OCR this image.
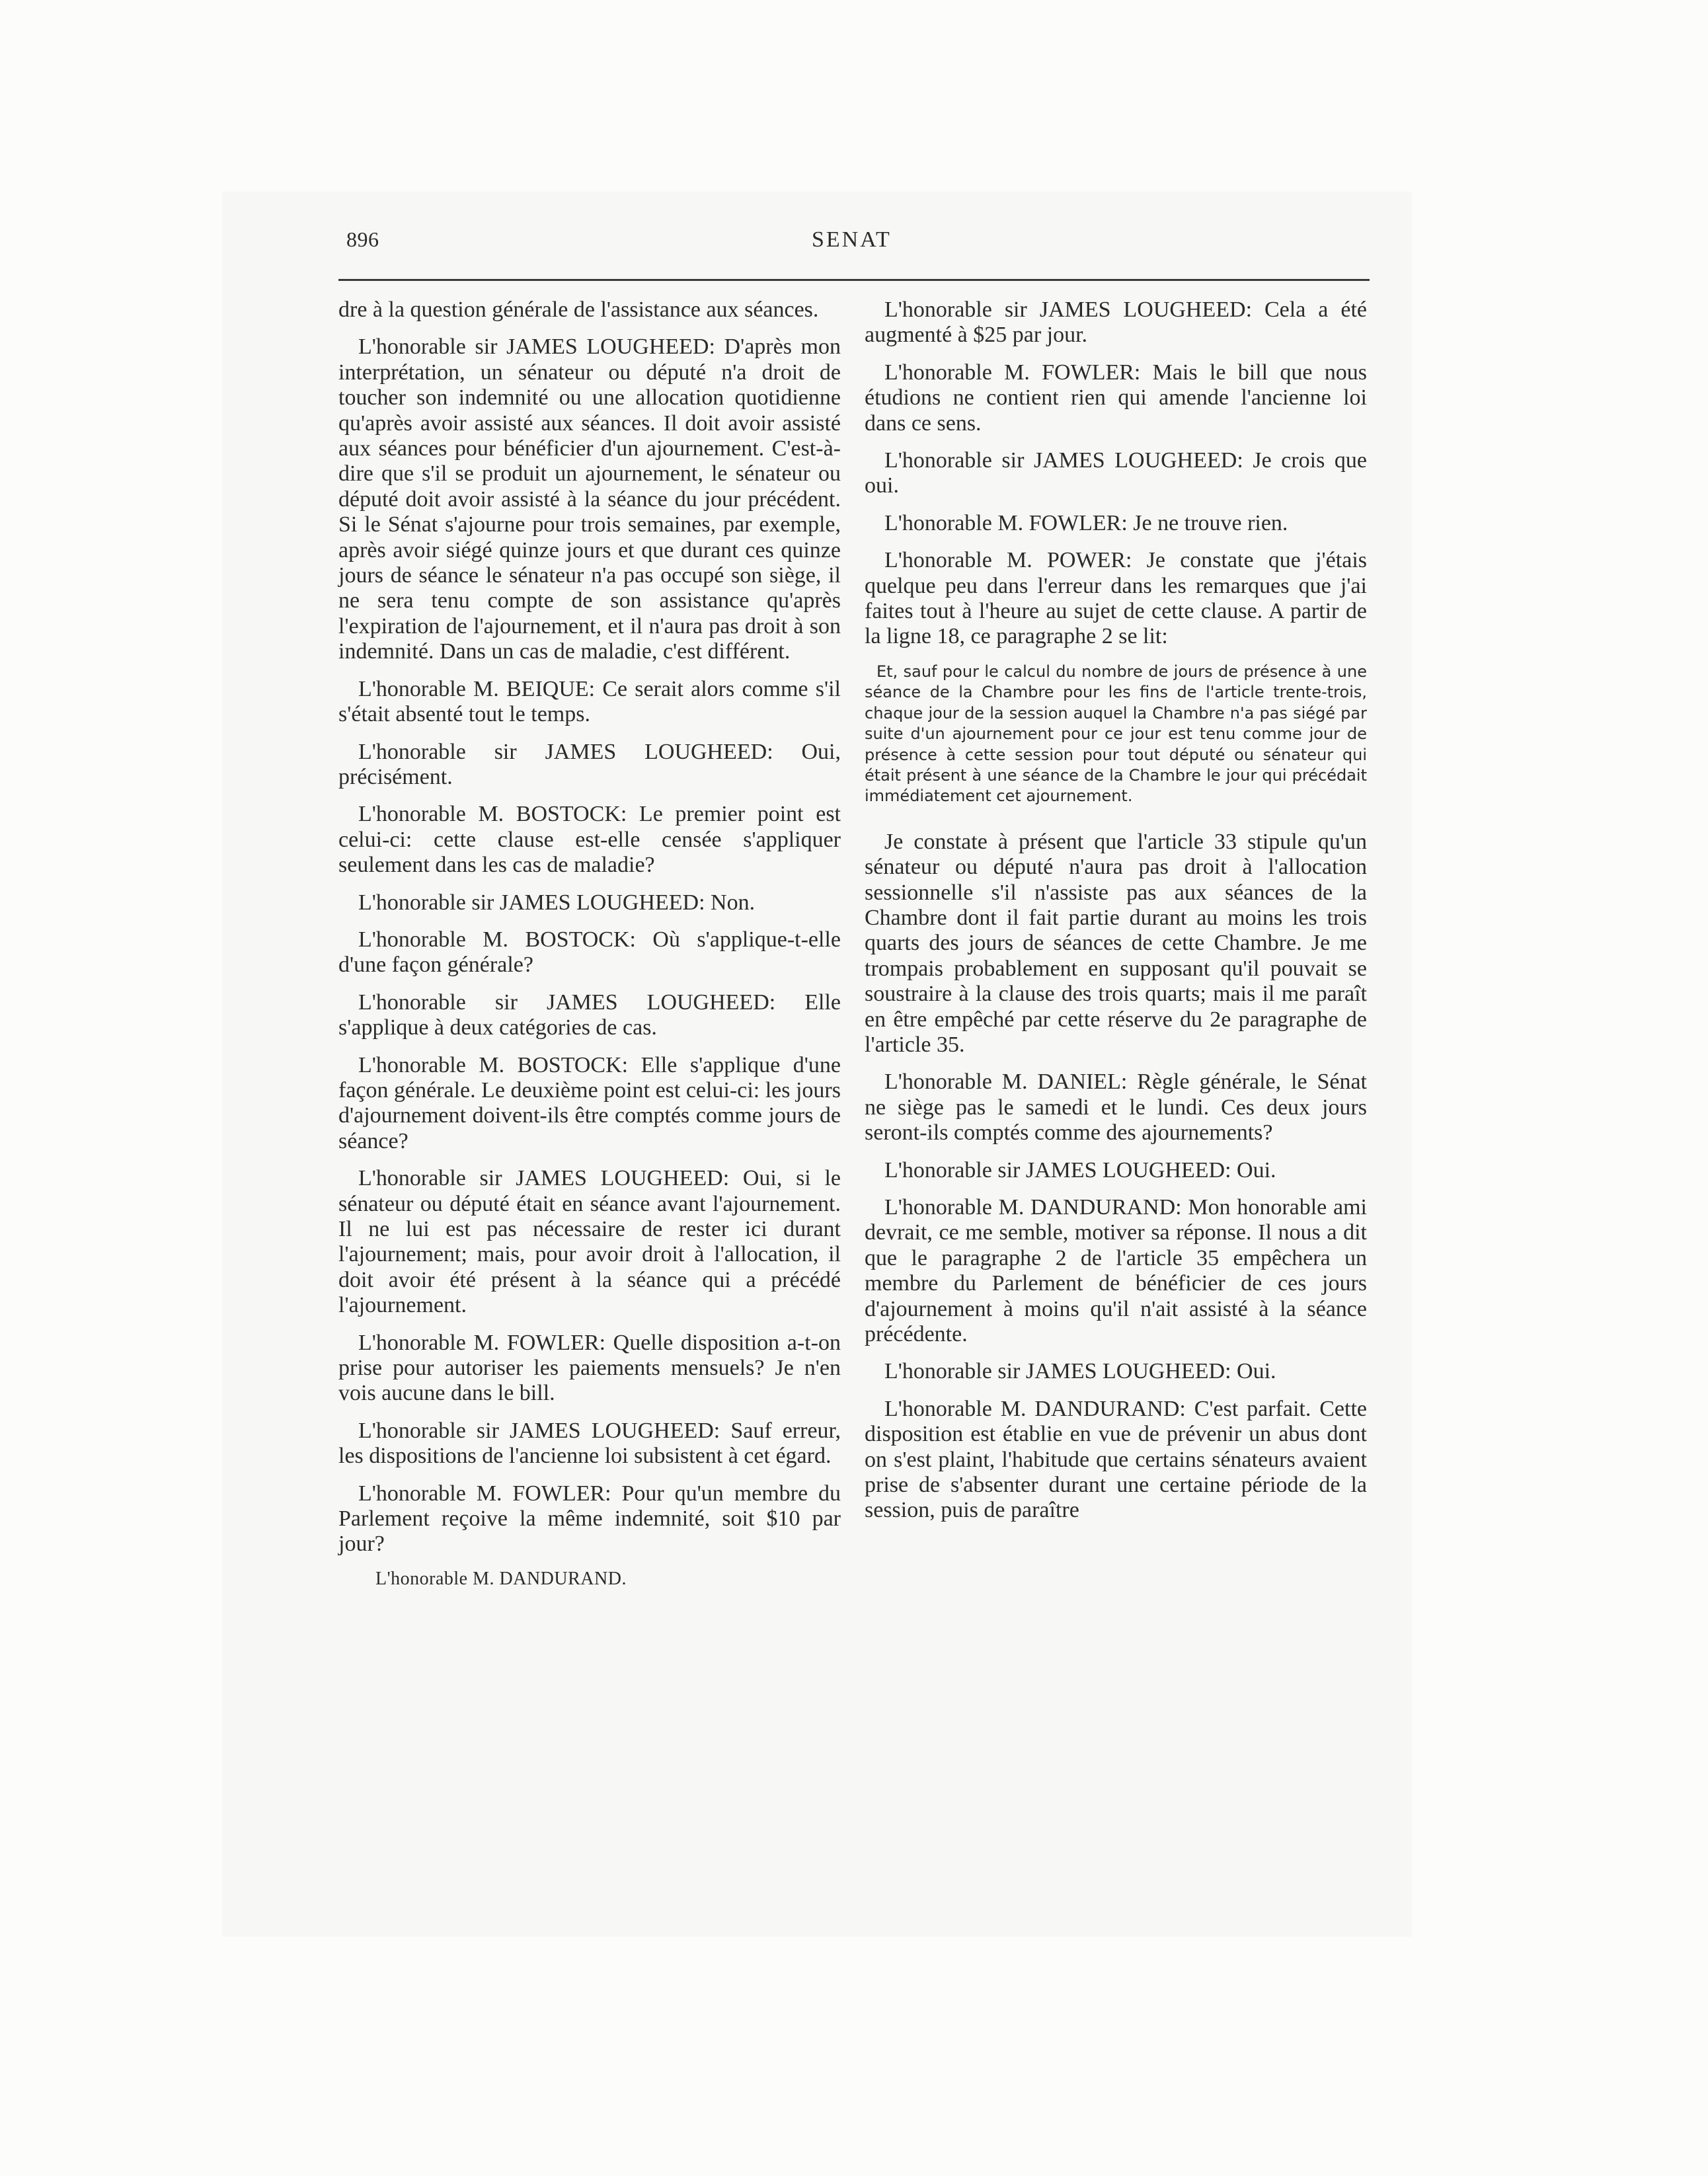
896	SENAT

dre à la question générale de l'assistance aux séances.

L'honorable sir JAMES LOUGHEED: D'après mon interprétation, un sénateur ou député n'a droit de toucher son indemnité ou une allocation quotidienne qu'après avoir assisté aux séances. Il doit avoir assisté aux séances pour bénéficier d'un ajournement. C'est-à-dire que s'il se produit un ajournement, le sénateur ou député doit avoir assisté à la séance du jour précédent. Si le Sénat s'ajourne pour trois semaines, par exemple, après avoir siégé quinze jours et que durant ces quinze jours de séance le sénateur n'a pas occupé son siège, il ne sera tenu compte de son assistance qu'après l'expiration de l'ajournement, et il n'aura pas droit à son indemnité. Dans un cas de maladie, c'est différent.

L'honorable M. BEIQUE: Ce serait alors comme s'il s'était absenté tout le temps.

L'honorable sir JAMES LOUGHEED: Oui, précisément.

L'honorable M. BOSTOCK: Le premier point est celui-ci: cette clause est-elle censée s'appliquer seulement dans les cas de maladie?

L'honorable sir JAMES LOUGHEED: Non.

L'honorable M. BOSTOCK: Où s'applique-t-elle d'une façon générale?

L'honorable sir JAMES LOUGHEED: Elle s'applique à deux catégories de cas.

L'honorable M. BOSTOCK: Elle s'applique d'une façon générale. Le deuxième point est celui-ci: les jours d'ajournement doivent-ils être comptés comme jours de séance?

L'honorable sir JAMES LOUGHEED: Oui, si le sénateur ou député était en séance avant l'ajournement. Il ne lui est pas nécessaire de rester ici durant l'ajournement; mais, pour avoir droit à l'allocation, il doit avoir été présent à la séance qui a précédé l'ajournement.

L'honorable M. FOWLER: Quelle disposition a-t-on prise pour autoriser les paiements mensuels? Je n'en vois aucune dans le bill.

L'honorable sir JAMES LOUGHEED: Sauf erreur, les dispositions de l'ancienne loi subsistent à cet égard.

L'honorable M. FOWLER: Pour qu'un membre du Parlement reçoive la même indemnité, soit $10 par jour?

L'honorable M. DANDURAND.

L'honorable sir JAMES LOUGHEED: Cela a été augmenté à $25 par jour.

L'honorable M. FOWLER: Mais le bill que nous étudions ne contient rien qui amende l'ancienne loi dans ce sens.

L'honorable sir JAMES LOUGHEED: Je crois que oui.

L'honorable M. FOWLER: Je ne trouve rien.

L'honorable M. POWER: Je constate que j'étais quelque peu dans l'erreur dans les remarques que j'ai faites tout à l'heure au sujet de cette clause. A partir de la ligne 18, ce paragraphe 2 se lit:

Et, sauf pour le calcul du nombre de jours de présence à une séance de la Chambre pour les fins de l'article trente-trois, chaque jour de la session auquel la Chambre n'a pas siégé par suite d'un ajournement pour ce jour est tenu comme jour de présence à cette session pour tout député ou sénateur qui était présent à une séance de la Chambre le jour qui précédait immédiatement cet ajournement.

Je constate à présent que l'article 33 stipule qu'un sénateur ou député n'aura pas droit à l'allocation sessionnelle s'il n'assiste pas aux séances de la Chambre dont il fait partie durant au moins les trois quarts des jours de séances de cette Chambre. Je me trompais probablement en supposant qu'il pouvait se soustraire à la clause des trois quarts; mais il me paraît en être empêché par cette réserve du 2e paragraphe de l'article 35.

L'honorable M. DANIEL: Règle générale, le Sénat ne siège pas le samedi et le lundi. Ces deux jours seront-ils comptés comme des ajournements?

L'honorable sir JAMES LOUGHEED: Oui.

L'honorable M. DANDURAND: Mon honorable ami devrait, ce me semble, motiver sa réponse. Il nous a dit que le paragraphe 2 de l'article 35 empêchera un membre du Parlement de bénéficier de ces jours d'ajournement à moins qu'il n'ait assisté à la séance précédente.

L'honorable sir JAMES LOUGHEED: Oui.

L'honorable M. DANDURAND: C'est parfait. Cette disposition est établie en vue de prévenir un abus dont on s'est plaint, l'habitude que certains sénateurs avaient prise de s'absenter durant une certaine période de la session, puis de paraître
